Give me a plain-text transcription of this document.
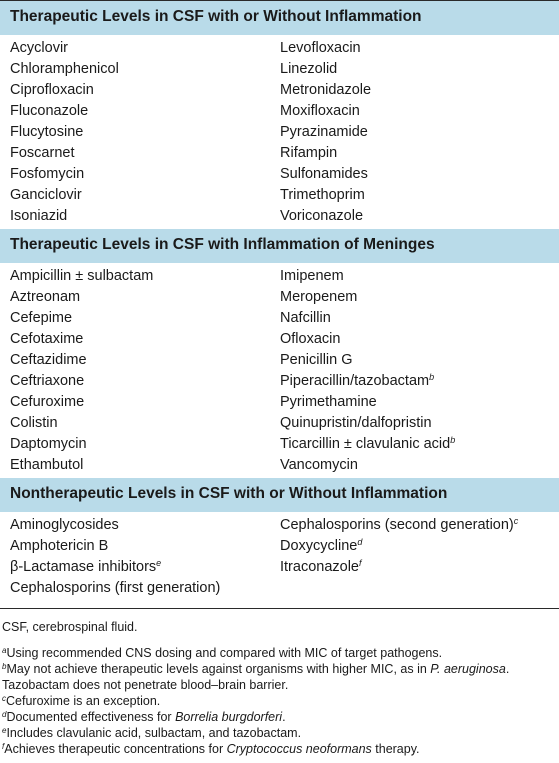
Therapeutic Levels in CSF with or Without Inflammation
Acyclovir
Chloramphenicol
Ciprofloxacin
Fluconazole
Flucytosine
Foscarnet
Fosfomycin
Ganciclovir
Isoniazid
Levofloxacin
Linezolid
Metronidazole
Moxifloxacin
Pyrazinamide
Rifampin
Sulfonamides
Trimethoprim
Voriconazole
Therapeutic Levels in CSF with Inflammation of Meninges
Ampicillin ± sulbactam
Aztreonam
Cefepime
Cefotaxime
Ceftazidime
Ceftriaxone
Cefuroxime
Colistin
Daptomycin
Ethambutol
Imipenem
Meropenem
Nafcillin
Ofloxacin
Penicillin G
Piperacillin/tazobactam$^b$
Pyrimethamine
Quinupristin/dalfopristin
Ticarcillin ± clavulanic acid$^b$
Vancomycin
Nontherapeutic Levels in CSF with or Without Inflammation
Aminoglycosides
Amphotericin B
β-Lactamase inhibitors$^e$
Cephalosporins (first generation)
Cephalosporins (second generation)$^c$
Doxycycline$^d$
Itraconazole$^f$

CSF, cerebrospinal fluid.

$^a$Using recommended CNS dosing and compared with MIC of target pathogens.

$^b$May not achieve therapeutic levels against organisms with higher MIC, as in P. aeruginosa. Tazobactam does not penetrate blood–brain barrier.

$^c$Cefuroxime is an exception.

$^d$Documented effectiveness for Borrelia burgdorferi.

$^e$Includes clavulanic acid, sulbactam, and tazobactam.

$^f$Achieves therapeutic concentrations for Cryptococcus neoformans therapy.
